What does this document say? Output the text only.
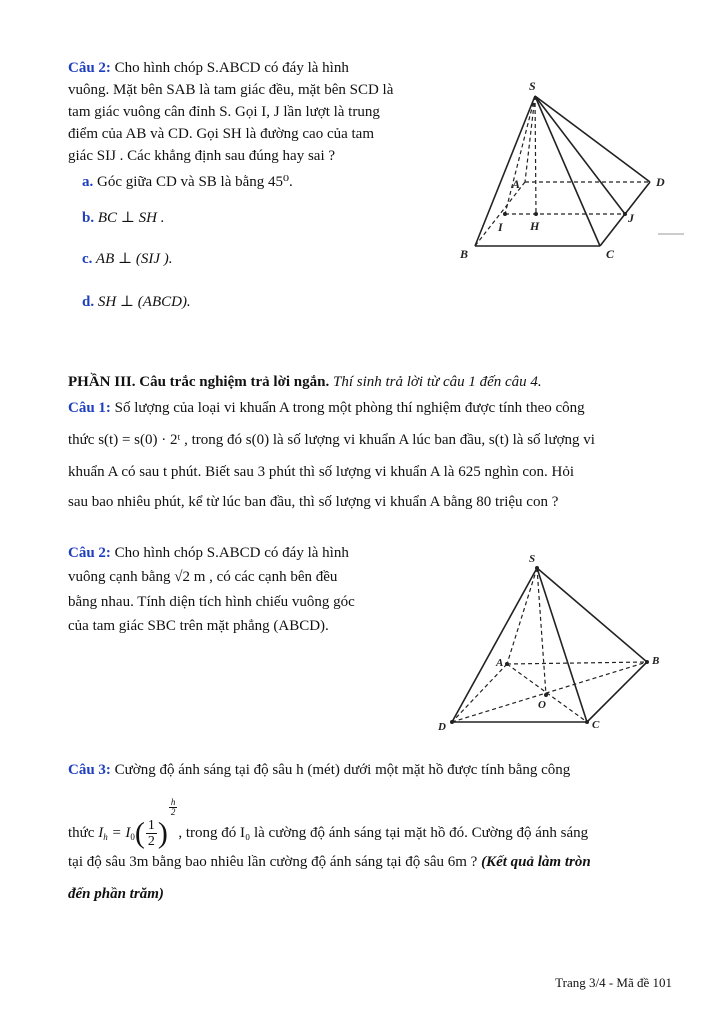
Câu 2: Cho hình chóp S.ABCD có đáy là hình
vuông. Mặt bên SAB là tam giác đều, mặt bên SCD là
tam giác vuông cân đỉnh S. Gọi I, J lần lượt là trung
điểm của AB và CD. Gọi SH là đường cao của tam
giác SIJ . Các khẳng định sau đúng hay sai ?
a. Góc giữa CD và SB là bằng 45⁰.
b. BC ⊥ SH .
c. AB ⊥ (SIJ ).
d. SH ⊥ (ABCD).
S
A	D
I H
J
B	C
PHẦN III. Câu trắc nghiệm trả lời ngắn. Thí sinh trả lời từ câu 1 đến câu 4.
Câu 1: Số lượng của loại vi khuẩn A trong một phòng thí nghiệm được tính theo công
thức s(t) = s(0) · 2ᵗ , trong đó s(0) là số lượng vi khuẩn A lúc ban đầu, s(t) là số lượng vi
khuẩn A có sau t phút. Biết sau 3 phút thì số lượng vi khuẩn A là 625 nghìn con. Hỏi
sau bao nhiêu phút, kể từ lúc ban đầu, thì số lượng vi khuẩn A bằng 80 triệu con ?
Câu 2: Cho hình chóp S.ABCD có đáy là hình
vuông cạnh bằng √2 m , có các cạnh bên đều
bằng nhau. Tính diện tích hình chiếu vuông góc
của tam giác SBC trên mặt phẳng (ABCD).
S
A	B
O
D	C
Câu 3: Cường độ ánh sáng tại độ sâu h (mét) dưới một mặt hồ được tính bằng công
thức $I_h = I_0( \frac{1}{2}$ )
$\frac{h}{2}$
, trong đó I₀ là cường độ ánh sáng tại mặt hồ đó. Cường độ ánh sáng
tại độ sâu 3m bằng bao nhiêu lần cường độ ánh sáng tại độ sâu 6m ? (Kết quả làm tròn
đến phần trăm)
Trang 3/4 - Mã đề 101
